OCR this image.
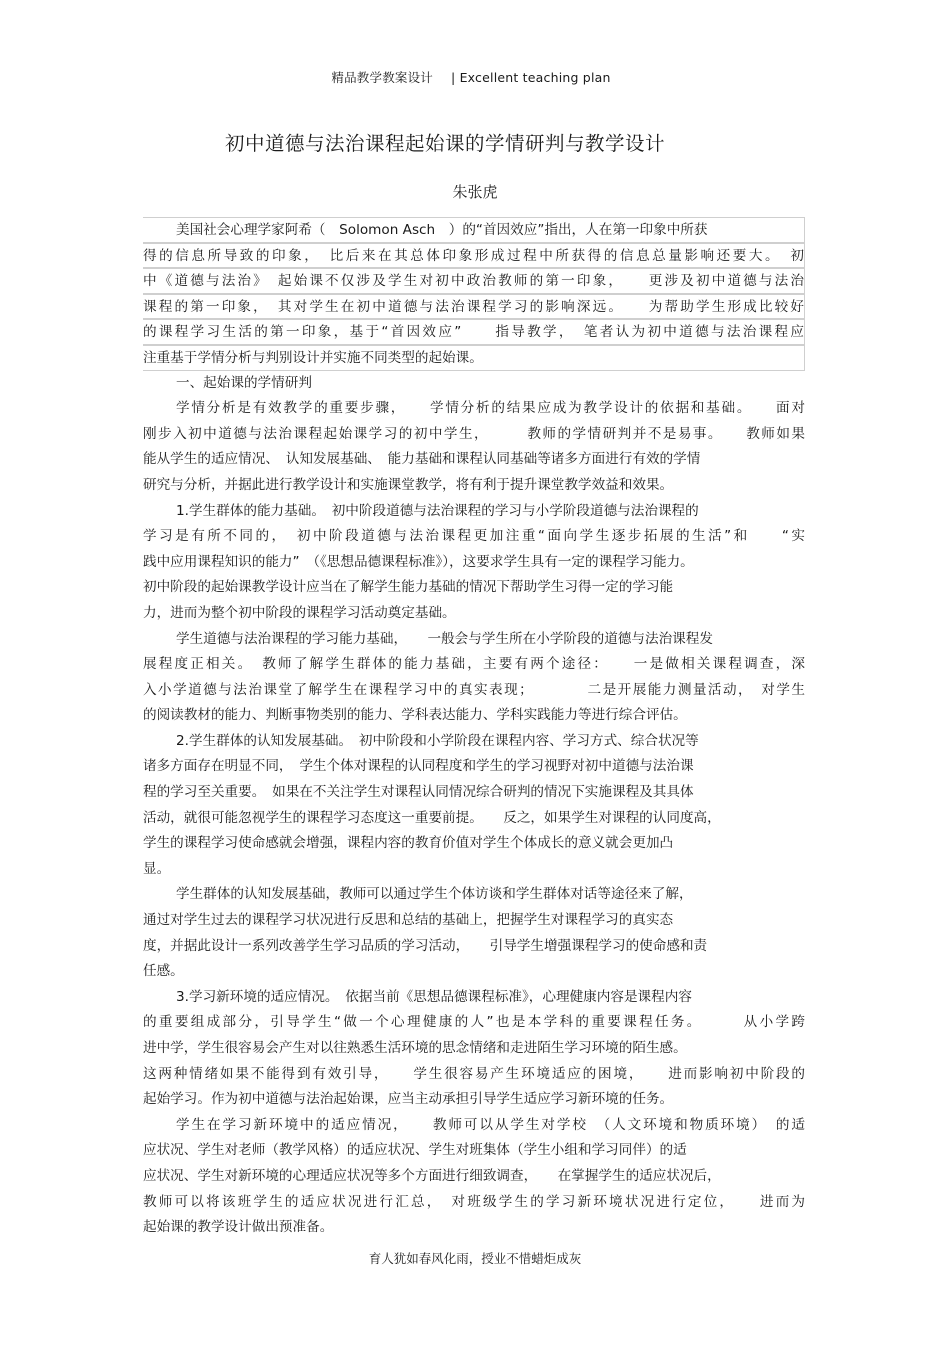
精品教学教案设计 | Excellent teaching plan
初中道德与法治课程起始课的学情研判与教学设计
朱张虎
美国社会心理学家阿希（　Solomon Asch　）的“首因效应”指出，人在第一印象中所获
得的信息所导致的印象，　比后来在其总体印象形成过程中所获得的信息总量影响还要大。　初
中《道德与法治》　起始课不仅涉及学生对初中政治教师的第一印象，　　更涉及初中道德与法治
课程的第一印象，　其对学生在初中道德与法治课程学习的影响深远。　　为帮助学生形成比较好
的课程学习生活的第一印象，基于“首因效应”　　指导教学，　笔者认为初中道德与法治课程应
注重基于学情分析与判别设计并实施不同类型的起始课。
一、起始课的学情研判
学情分析是有效教学的重要步骤，　　学情分析的结果应成为教学设计的依据和基础。　　面对
刚步入初中道德与法治课程起始课学习的初中学生，　　　教师的学情研判并不是易事。　　教师如果
能从学生的适应情况、　认知发展基础、　能力基础和课程认同基础等诸多方面进行有效的学情
研究与分析，并据此进行教学设计和实施课堂教学，将有利于提升课堂教学效益和效果。
1.学生群体的能力基础。　初中阶段道德与法治课程的学习与小学阶段道德与法治课程的
学习是有所不同的，　初中阶段道德与法治课程更加注重“面向学生逐步拓展的生活”和　　“实
践中应用课程知识的能力”　（《思想品德课程标准》），这要求学生具有一定的课程学习能力。
初中阶段的起始课教学设计应当在了解学生能力基础的情况下帮助学生习得一定的学习能
力，进而为整个初中阶段的课程学习活动奠定基础。
学生道德与法治课程的学习能力基础，　　一般会与学生所在小学阶段的道德与法治课程发
展程度正相关。　教师了解学生群体的能力基础，主要有两个途径：　　一是做相关课程调查，深
入小学道德与法治课堂了解学生在课程学习中的真实表现；　　　　二是开展能力测量活动，　对学生
的阅读教材的能力、判断事物类别的能力、学科表达能力、学科实践能力等进行综合评估。
2.学生群体的认知发展基础。　初中阶段和小学阶段在课程内容、学习方式、综合状况等
诸多方面存在明显不同，　学生个体对课程的认同程度和学生的学习视野对初中道德与法治课
程的学习至关重要。　如果在不关注学生对课程认同情况综合研判的情况下实施课程及其具体
活动，就很可能忽视学生的课程学习态度这一重要前提。　　反之，如果学生对课程的认同度高，
学生的课程学习使命感就会增强，课程内容的教育价值对学生个体成长的意义就会更加凸
显。
学生群体的认知发展基础，教师可以通过学生个体访谈和学生群体对话等途径来了解，
通过对学生过去的课程学习状况进行反思和总结的基础上，把握学生对课程学习的真实态
度，并据此设计一系列改善学生学习品质的学习活动，　　引导学生增强课程学习的使命感和责
任感。
3.学习新环境的适应情况。　依据当前《思想品德课程标准》，心理健康内容是课程内容
的重要组成部分，引导学生“做一个心理健康的人”也是本学科的重要课程任务。　　　从小学跨
进中学，学生很容易会产生对以往熟悉生活环境的思念情绪和走进陌生学习环境的陌生感。
这两种情绪如果不能得到有效引导，　　学生很容易产生环境适应的困境，　　进而影响初中阶段的
起始学习。作为初中道德与法治起始课，应当主动承担引导学生适应学习新环境的任务。
学生在学习新环境中的适应情况，　　教师可以从学生对学校　（人文环境和物质环境）　的适
应状况、学生对老师（教学风格）的适应状况、学生对班集体（学生小组和学习同伴）的适
应状况、学生对新环境的心理适应状况等多个方面进行细致调查，　　在掌握学生的适应状况后，
教师可以将该班学生的适应状况进行汇总，　对班级学生的学习新环境状况进行定位，　　进而为
起始课的教学设计做出预准备。
育人犹如春风化雨，授业不惜蜡炬成灰
